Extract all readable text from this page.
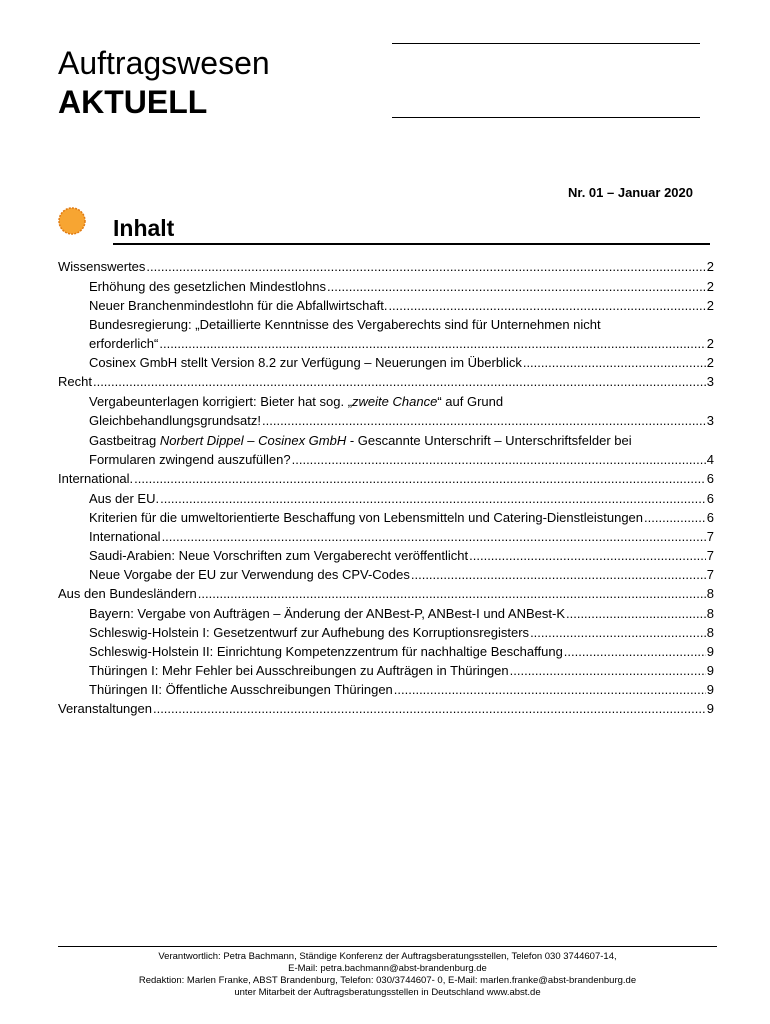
Auftragswesen
AKTUELL
Nr. 01 – Januar 2020
Inhalt
Wissenswertes .....	2
Erhöhung des gesetzlichen Mindestlohns .....	2
Neuer Branchenmindestlohn für die Abfallwirtschaft. .....	2
Bundesregierung: „Detaillierte Kenntnisse des Vergaberechts sind für Unternehmen nicht
erforderlich“ .....	2
Cosinex GmbH stellt Version 8.2 zur Verfügung – Neuerungen im Überblick .....	2
Recht .....	3
Vergabeunterlagen korrigiert: Bieter hat sog. „zweite Chance“ auf Grund
Gleichbehandlungsgrundsatz! .....	3
Gastbeitrag Norbert Dippel – Cosinex GmbH - Gescannte Unterschrift – Unterschriftsfelder bei
Formularen zwingend auszufüllen? .....	4
International. .....	6
Aus der EU. .....	6
Kriterien für die umweltorientierte Beschaffung von Lebensmitteln und Catering-Dienstleistungen .....	6
International .....	7
Saudi-Arabien: Neue Vorschriften zum Vergaberecht veröffentlicht .....	7
Neue Vorgabe der EU zur Verwendung des CPV-Codes .....	7
Aus den Bundesländern .....	8
Bayern: Vergabe von Aufträgen – Änderung der ANBest-P, ANBest-I und ANBest-K .....	8
Schleswig-Holstein I: Gesetzentwurf zur Aufhebung des Korruptionsregisters .....	8
Schleswig-Holstein II: Einrichtung Kompetenzzentrum für nachhaltige Beschaffung .....	9
Thüringen I: Mehr Fehler bei Ausschreibungen zu Aufträgen in Thüringen .....	9
Thüringen II: Öffentliche Ausschreibungen Thüringen .....	9
Veranstaltungen .....	9
Verantwortlich: Petra Bachmann, Ständige Konferenz der Auftragsberatungsstellen, Telefon 030 3744607-14,
E-Mail: petra.bachmann@abst-brandenburg.de
Redaktion: Marlen Franke, ABST Brandenburg, Telefon: 030/3744607- 0, E-Mail: marlen.franke@abst-brandenburg.de
unter Mitarbeit der Auftragsberatungsstellen in Deutschland www.abst.de
